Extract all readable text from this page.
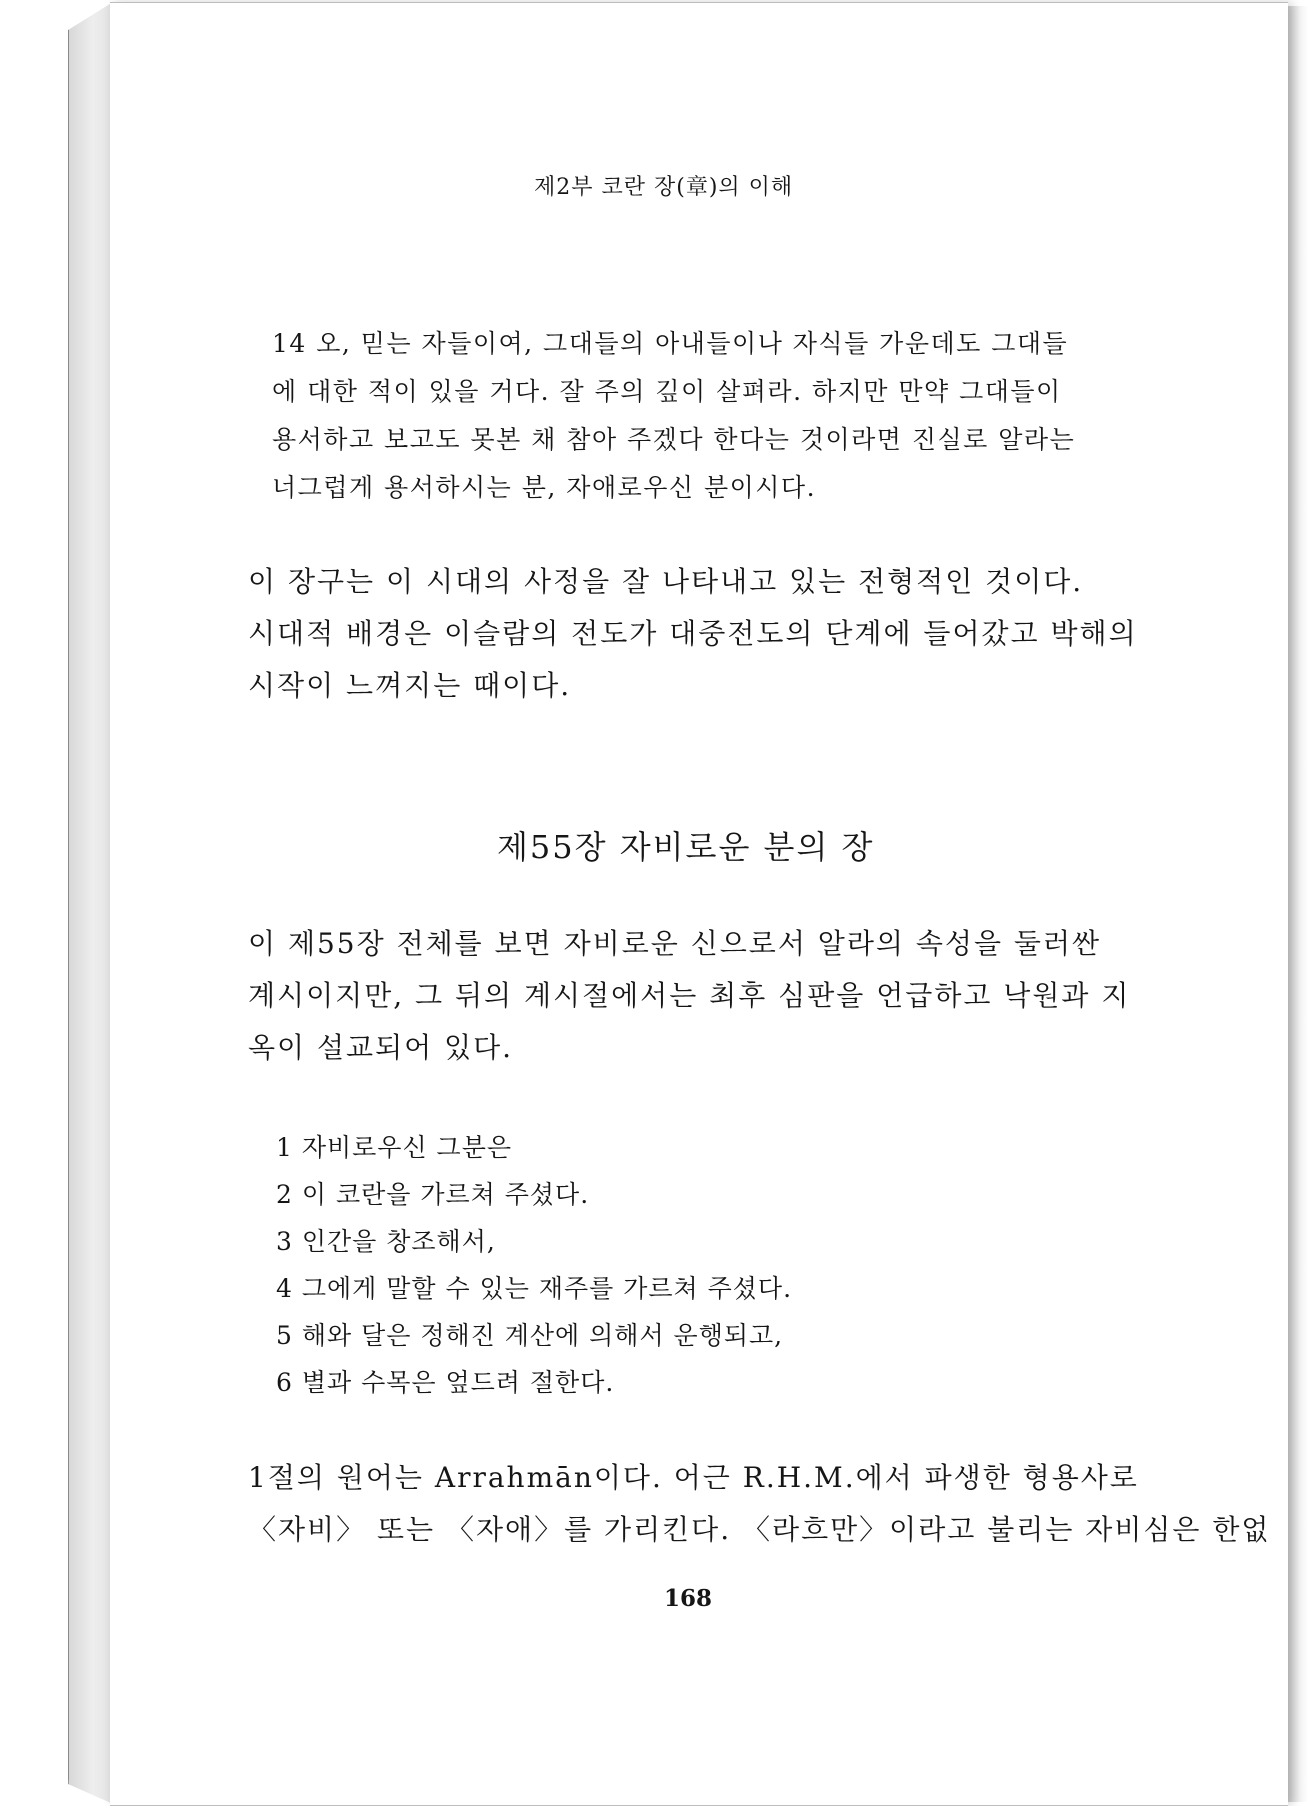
제2부 코란 장(章)의 이해

14 오, 믿는 자들이여, 그대들의 아내들이나 자식들 가운데도 그대들
에 대한 적이 있을 거다. 잘 주의 깊이 살펴라. 하지만 만약 그대들이
용서하고 보고도 못본 채 참아 주겠다 한다는 것이라면 진실로 알라는
너그럽게 용서하시는 분, 자애로우신 분이시다.
이 장구는 이 시대의 사정을 잘 나타내고 있는 전형적인 것이다.
시대적 배경은 이슬람의 전도가 대중전도의 단계에 들어갔고 박해의
시작이 느껴지는 때이다.

제55장 자비로운 분의 장

이 제55장 전체를 보면 자비로운 신으로서 알라의 속성을 둘러싼
계시이지만, 그 뒤의 계시절에서는 최후 심판을 언급하고 낙원과 지
옥이 설교되어 있다.
1 자비로우신 그분은
2 이 코란을 가르쳐 주셨다.
3 인간을 창조해서,
4 그에게 말할 수 있는 재주를 가르쳐 주셨다.
5 해와 달은 정해진 계산에 의해서 운행되고,
6 별과 수목은 엎드려 절한다.
1절의 원어는 Arrahmān이다. 어근 R.H.M.에서 파생한 형용사로
〈자비〉 또는 〈자애〉를 가리킨다. 〈라흐만〉이라고 불리는 자비심은 한없

168
